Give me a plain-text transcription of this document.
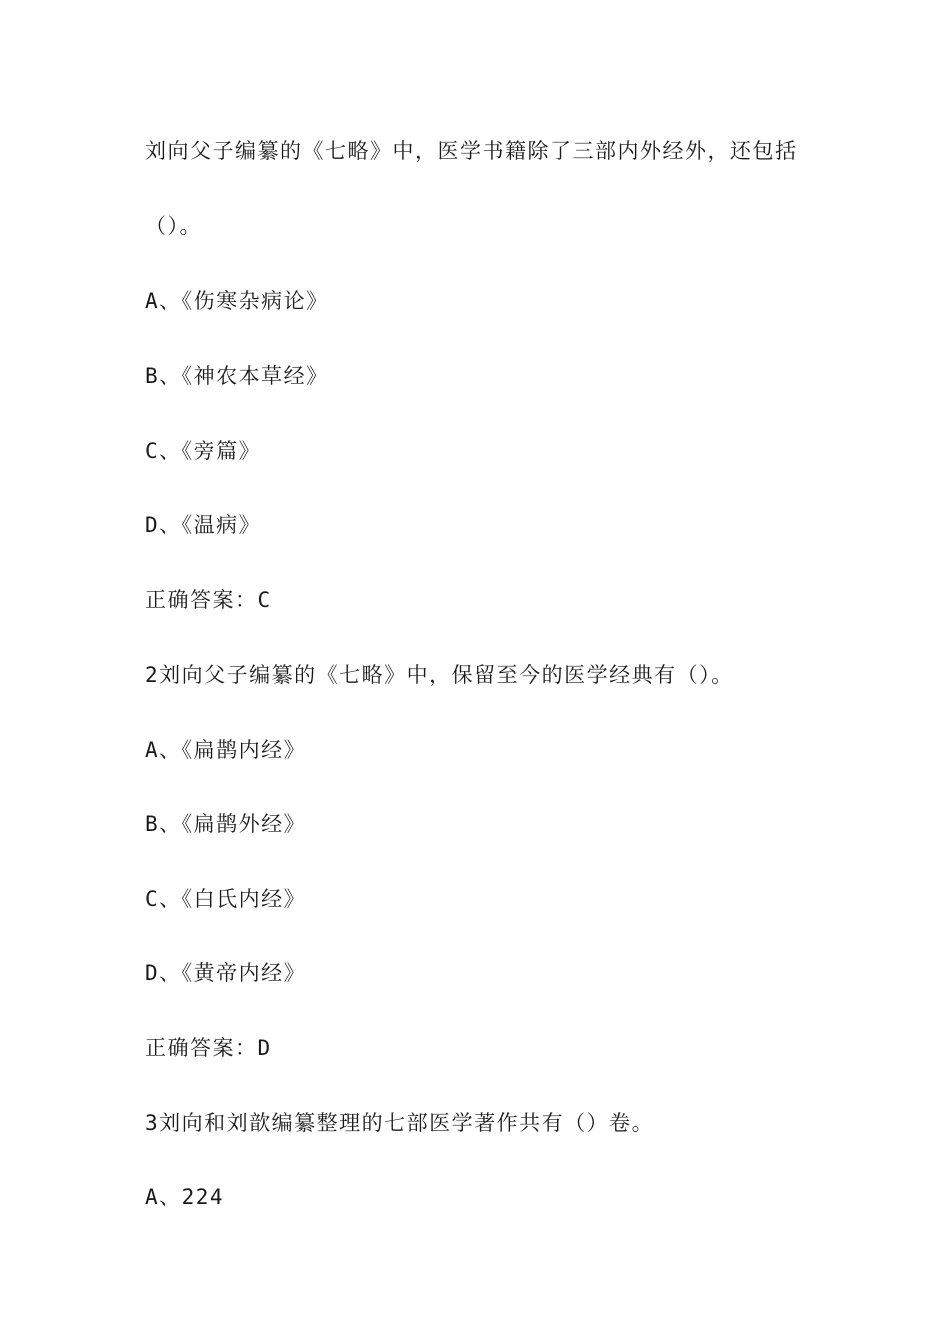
刘向父子编纂的《七略》中，医学书籍除了三部内外经外，还包括
（）。
A、《伤寒杂病论》
B、《神农本草经》
C、《旁篇》
D、《温病》
正确答案：C
2刘向父子编纂的《七略》中，保留至今的医学经典有（）。
A、《扁鹊内经》
B、《扁鹊外经》
C、《白氏内经》
D、《黄帝内经》
正确答案：D
3刘向和刘歆编纂整理的七部医学著作共有（）卷。
A、224
